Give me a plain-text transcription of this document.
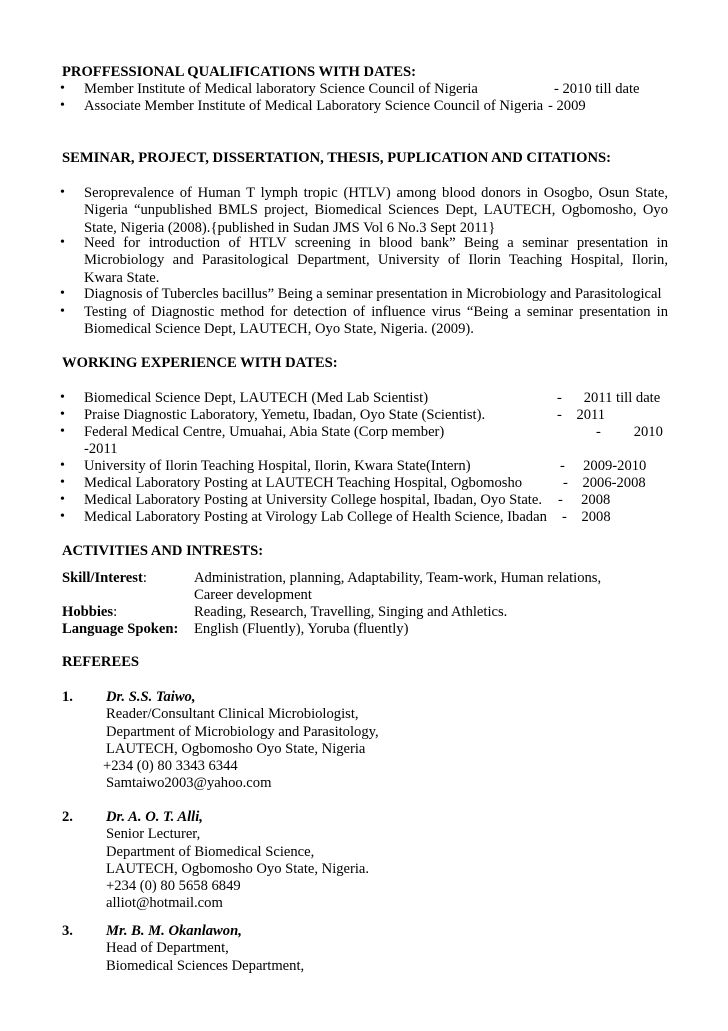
PROFFESSIONAL QUALIFICATIONS WITH DATES:
• Member Institute of Medical laboratory Science Council of Nigeria	- 2010 till date
• Associate Member Institute of Medical Laboratory Science Council of Nigeria - 2009
SEMINAR, PROJECT, DISSERTATION, THESIS, PUPLICATION AND CITATIONS:
• Seroprevalence of Human T lymph tropic (HTLV) among blood donors in Osogbo, Osun State, Nigeria “unpublished BMLS project, Biomedical Sciences Dept, LAUTECH, Ogbomosho, Oyo State, Nigeria (2008).{published in Sudan JMS Vol 6 No.3 Sept 2011}
• Need for introduction of HTLV screening in blood bank” Being a seminar presentation in Microbiology and Parasitological Department, University of Ilorin Teaching Hospital, Ilorin, Kwara State.
• Diagnosis of Tubercles bacillus” Being a seminar presentation in Microbiology and Parasitological
• Testing of Diagnostic method for detection of influence virus “Being a seminar presentation in Biomedical Science Dept, LAUTECH, Oyo State, Nigeria. (2009).
WORKING EXPERIENCE WITH DATES:
• Biomedical Science Dept, LAUTECH (Med Lab Scientist)	-      2011 till date
• Praise Diagnostic Laboratory, Yemetu, Ibadan, Oyo State (Scientist).	-    2011
• Federal Medical Centre, Umuahai, Abia State (Corp member)	-         2010
-2011
• University of Ilorin Teaching Hospital, Ilorin, Kwara State(Intern)	-     2009-2010
• Medical Laboratory Posting at LAUTECH Teaching Hospital, Ogbomosho	-    2006-2008
• Medical Laboratory Posting at University College hospital, Ibadan, Oyo State. -     2008
• Medical Laboratory Posting at Virology Lab College of Health Science, Ibadan -    2008
ACTIVITIES AND INTRESTS:
Skill/Interest:	Administration, planning, Adaptability, Team-work, Human relations, Career development
Hobbies:	Reading, Research, Travelling, Singing and Athletics.
Language Spoken: English (Fluently), Yoruba (fluently)
REFEREES
1. Dr. S.S. Taiwo,
Reader/Consultant Clinical Microbiologist,
Department of Microbiology and Parasitology,
LAUTECH, Ogbomosho Oyo State, Nigeria
+234 (0) 80 3343 6344
Samtaiwo2003@yahoo.com
2. Dr. A. O. T. Alli,
Senior Lecturer,
Department of Biomedical Science,
LAUTECH, Ogbomosho Oyo State, Nigeria.
+234 (0) 80 5658 6849
alliot@hotmail.com
3. Mr. B. M. Okanlawon,
Head of Department,
Biomedical Sciences Department,
